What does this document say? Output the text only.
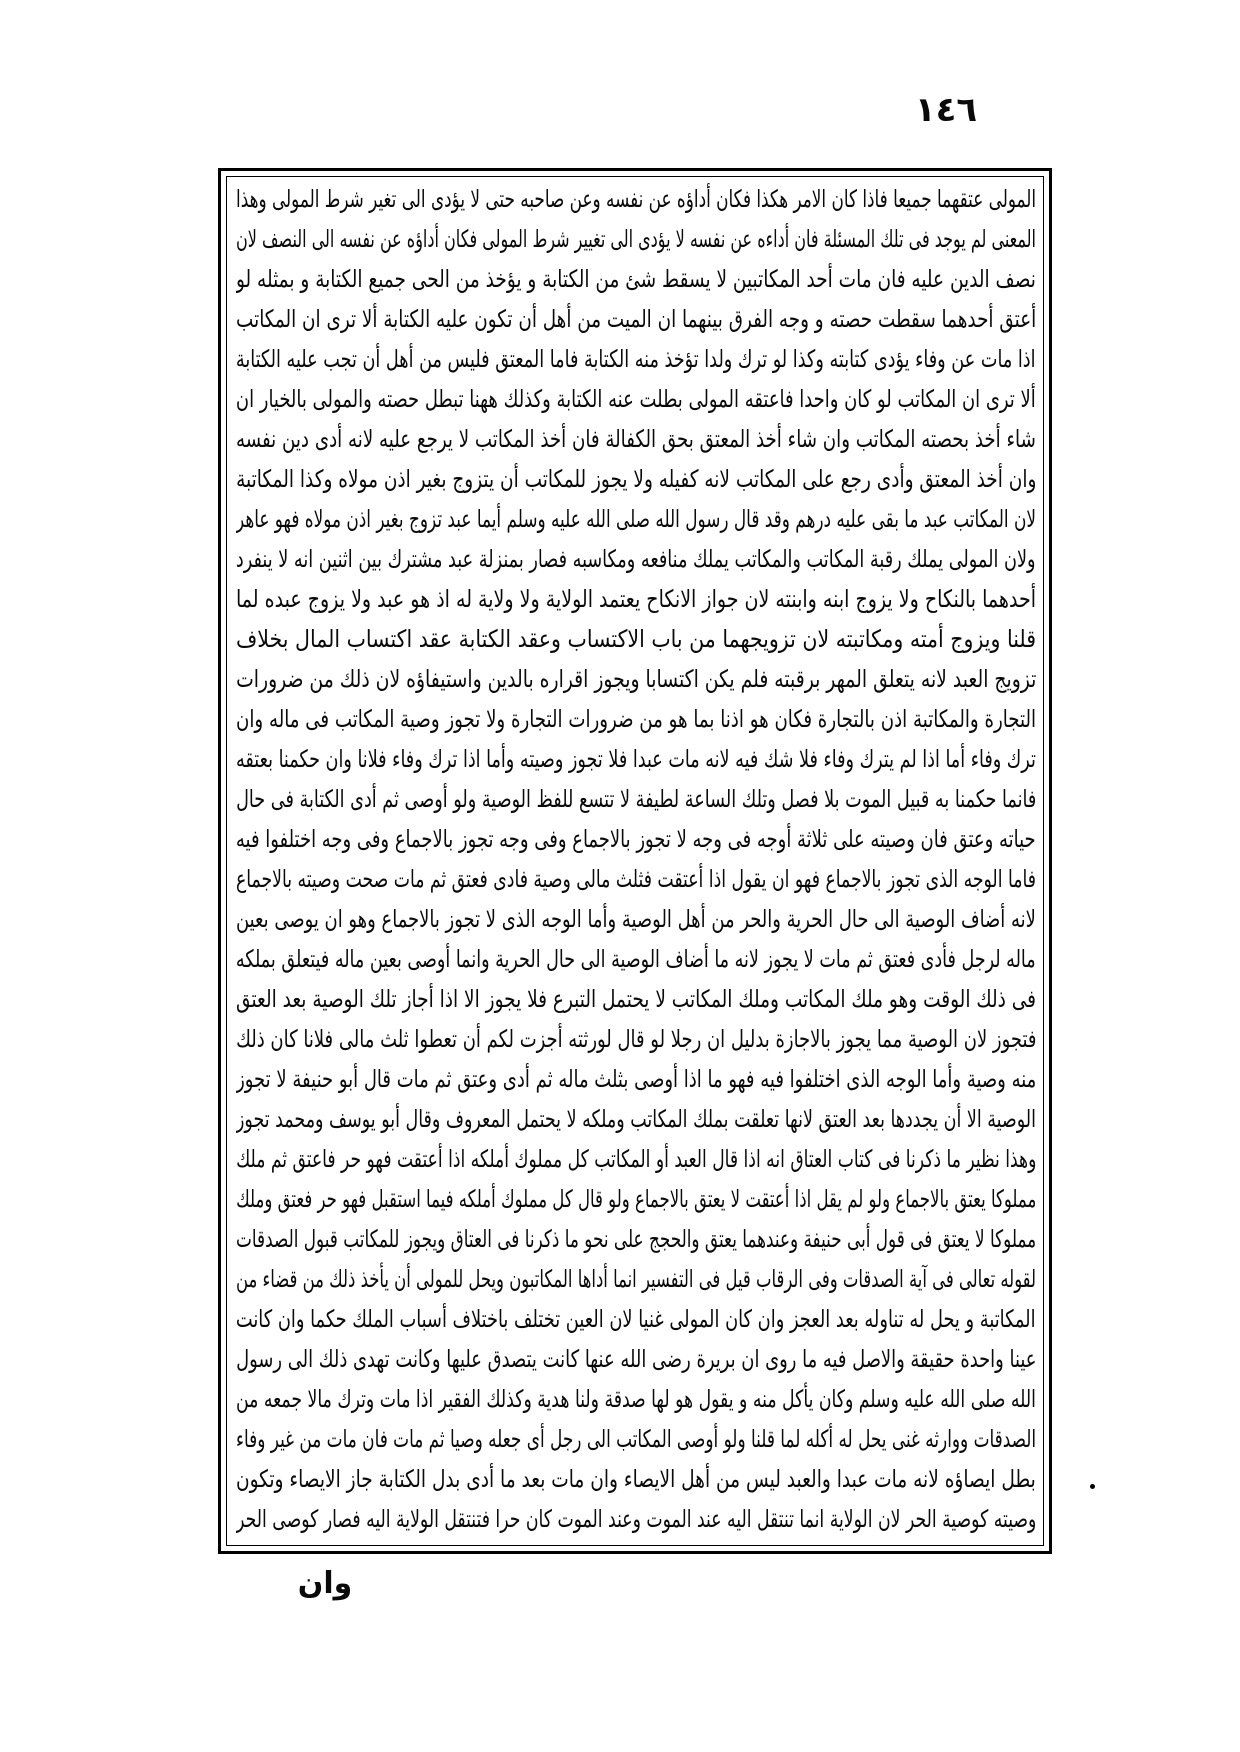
١٤٦
المولى عتقهما جميعا فاذا كان الامر هكذا فكان أداؤه عن نفسه وعن صاحبه حتى لا يؤدى الى تغير شرط المولى وهذا
المعنى لم يوجد فى تلك المسئلة فان أداءه عن نفسه لا يؤدى الى تغيير شرط المولى فكان أداؤه عن نفسه الى النصف لان
نصف الدين عليه فان مات أحد المكاتبين لا يسقط شئ من الكتابة و يؤخذ من الحى جميع الكتابة و بمثله لو
أعتق أحدهما سقطت حصته و وجه الفرق بينهما ان الميت من أهل أن تكون عليه الكتابة ألا ترى ان المكاتب
اذا مات عن وفاء يؤدى كتابته وكذا لو ترك ولدا تؤخذ منه الكتابة فاما المعتق فليس من أهل أن تجب عليه الكتابة
ألا ترى ان المكاتب لو كان واحدا فاعتقه المولى بطلت عنه الكتابة وكذلك ههنا تبطل حصته والمولى بالخيار ان
شاء أخذ بحصته المكاتب وان شاء أخذ المعتق بحق الكفالة فان أخذ المكاتب لا يرجع عليه لانه أدى دين نفسه
وان أخذ المعتق وأدى رجع على المكاتب لانه كفيله ولا يجوز للمكاتب أن يتزوج بغير اذن مولاه وكذا المكاتبة
لان المكاتب عبد ما بقى عليه درهم وقد قال رسول الله صلى الله عليه وسلم أيما عبد تزوج بغير اذن مولاه فهو عاهر
ولان المولى يملك رقبة المكاتب والمكاتب يملك منافعه ومكاسبه فصار بمنزلة عبد مشترك بين اثنين انه لا ينفرد
أحدهما بالنكاح ولا يزوج ابنه وابنته لان جواز الانكاح يعتمد الولاية ولا ولاية له اذ هو عبد ولا يزوج عبده لما
قلنا ويزوج أمته ومكاتبته لان تزويجهما من باب الاكتساب وعقد الكتابة عقد اكتساب المال بخلاف
تزويج العبد لانه يتعلق المهر برقبته فلم يكن اكتسابا ويجوز اقراره بالدين واستيفاؤه لان ذلك من ضرورات
التجارة والمكاتبة اذن بالتجارة فكان هو اذنا بما هو من ضرورات التجارة ولا تجوز وصية المكاتب فى ماله وان
ترك وفاء أما اذا لم يترك وفاء فلا شك فيه لانه مات عبدا فلا تجوز وصيته وأما اذا ترك وفاء فلانا وان حكمنا بعتقه
فانما حكمنا به قبيل الموت بلا فصل وتلك الساعة لطيفة لا تتسع للفظ الوصية ولو أوصى ثم أدى الكتابة فى حال
حياته وعتق فان وصيته على ثلاثة أوجه فى وجه لا تجوز بالاجماع وفى وجه تجوز بالاجماع وفى وجه اختلفوا فيه
فاما الوجه الذى تجوز بالاجماع فهو ان يقول اذا أعتقت فثلث مالى وصية فادى فعتق ثم مات صحت وصيته بالاجماع
لانه أضاف الوصية الى حال الحرية والحر من أهل الوصية وأما الوجه الذى لا تجوز بالاجماع وهو ان يوصى بعين
ماله لرجل فأدى فعتق ثم مات لا يجوز لانه ما أضاف الوصية الى حال الحرية وانما أوصى بعين ماله فيتعلق بملكه
فى ذلك الوقت وهو ملك المكاتب وملك المكاتب لا يحتمل التبرع فلا يجوز الا اذا أجاز تلك الوصية بعد العتق
فتجوز لان الوصية مما يجوز بالاجازة بدليل ان رجلا لو قال لورثته أجزت لكم أن تعطوا ثلث مالى فلانا كان ذلك
منه وصية وأما الوجه الذى اختلفوا فيه فهو ما اذا أوصى بثلث ماله ثم أدى وعتق ثم مات قال أبو حنيفة لا تجوز
الوصية الا أن يجددها بعد العتق لانها تعلقت بملك المكاتب وملكه لا يحتمل المعروف وقال أبو يوسف ومحمد تجوز
وهذا نظير ما ذكرنا فى كتاب العتاق انه اذا قال العبد أو المكاتب كل مملوك أملكه اذا أعتقت فهو حر فاعتق ثم ملك
مملوكا يعتق بالاجماع ولو لم يقل اذا أعتقت لا يعتق بالاجماع ولو قال كل مملوك أملكه فيما استقبل فهو حر فعتق وملك
مملوكا لا يعتق فى قول أبى حنيفة وعندهما يعتق والحجج على نحو ما ذكرنا فى العتاق ويجوز للمكاتب قبول الصدقات
لقوله تعالى فى آية الصدقات وفى الرقاب قيل فى التفسير انما أداها المكاتبون ويحل للمولى أن يأخذ ذلك من قضاء من
المكاتبة و يحل له تناوله بعد العجز وان كان المولى غنيا لان العين تختلف باختلاف أسباب الملك حكما وان كانت
عينا واحدة حقيقة والاصل فيه ما روى ان بريرة رضى الله عنها كانت يتصدق عليها وكانت تهدى ذلك الى رسول
الله صلى الله عليه وسلم وكان يأكل منه و يقول هو لها صدقة ولنا هدية وكذلك الفقير اذا مات وترك مالا جمعه من
الصدقات ووارثه غنى يحل له أكله لما قلنا ولو أوصى المكاتب الى رجل أى جعله وصيا ثم مات فان مات من غير وفاء
بطل ايصاؤه لانه مات عبدا والعبد ليس من أهل الايصاء وان مات بعد ما أدى بدل الكتابة جاز الايصاء وتكون
وصيته كوصية الحر لان الولاية انما تنتقل اليه عند الموت وعند الموت كان حرا فتنتقل الولاية اليه فصار كوصى الحر
وان
